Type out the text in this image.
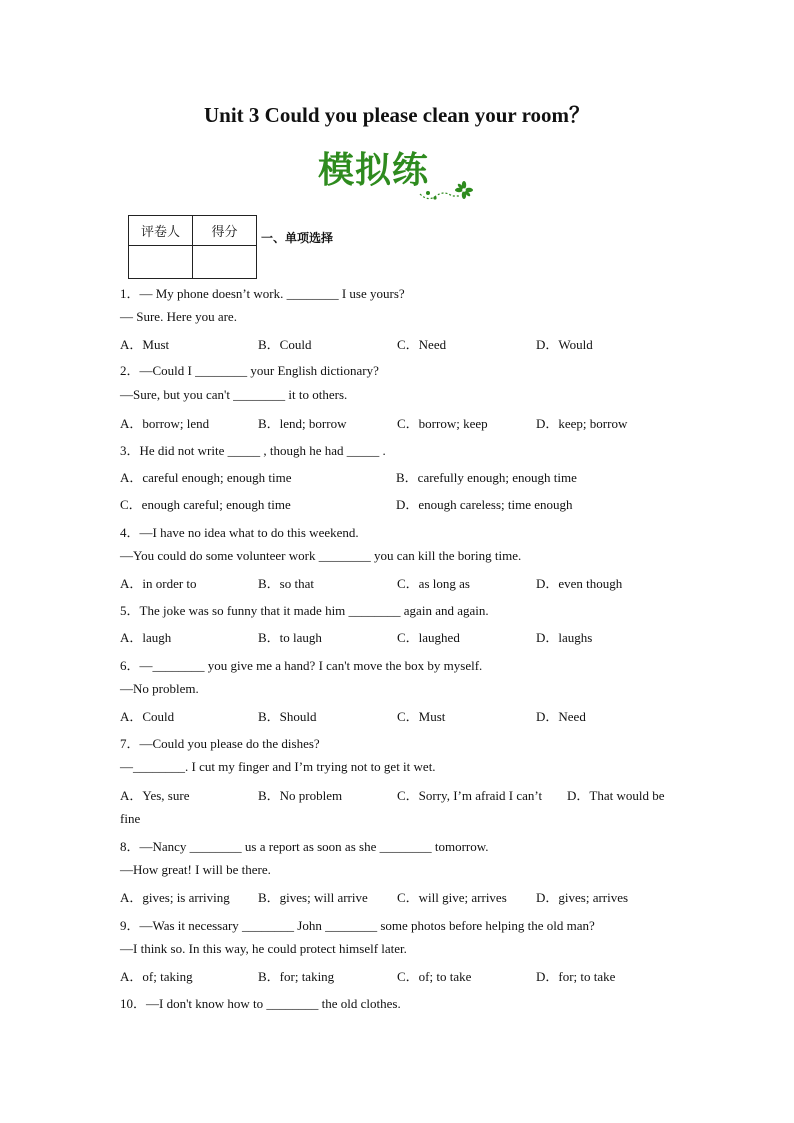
Unit 3 Could you please clean your room？
模拟练
评卷人	得分
	一、单项选择
1．— My phone doesn’t work. ________ I use yours?
— Sure. Here you are.
A．Must	B．Could	C．Need	D．Would
2．—Could I ________ your English dictionary?
—Sure, but you can't ________ it to others.
A．borrow; lend	B．lend; borrow	C．borrow; keep	D．keep; borrow
3．He did not write _____ , though he had _____ .
A．careful enough; enough time	B．carefully enough; enough time
C．enough careful; enough time	D．enough careless; time enough
4．—I have no idea what to do this weekend.
—You could do some volunteer work ________ you can kill the boring time.
A．in order to	B．so that	C．as long as	D．even though
5．The joke was so funny that it made him ________ again and again.
A．laugh	B．to laugh	C．laughed	D．laughs
6．—________ you give me a hand? I can't move the box by myself.
—No problem.
A．Could	B．Should	C．Must	D．Need
7．—Could you please do the dishes?
—________. I cut my finger and I’m trying not to get it wet.
A．Yes, sure	B．No problem	C．Sorry, I’m afraid I can’t D．That would be
fine
8．—Nancy ________ us a report as soon as she ________ tomorrow.
—How great! I will be there.
A．gives; is arriving B．gives; will arrive C．will give; arrives D．gives; arrives
9．—Was it necessary ________ John ________ some photos before helping the old man?
—I think so. In this way, he could protect himself later.
A．of; taking	B．for; taking	C．of; to take	D．for; to take
10．—I don't know how to ________ the old clothes.
